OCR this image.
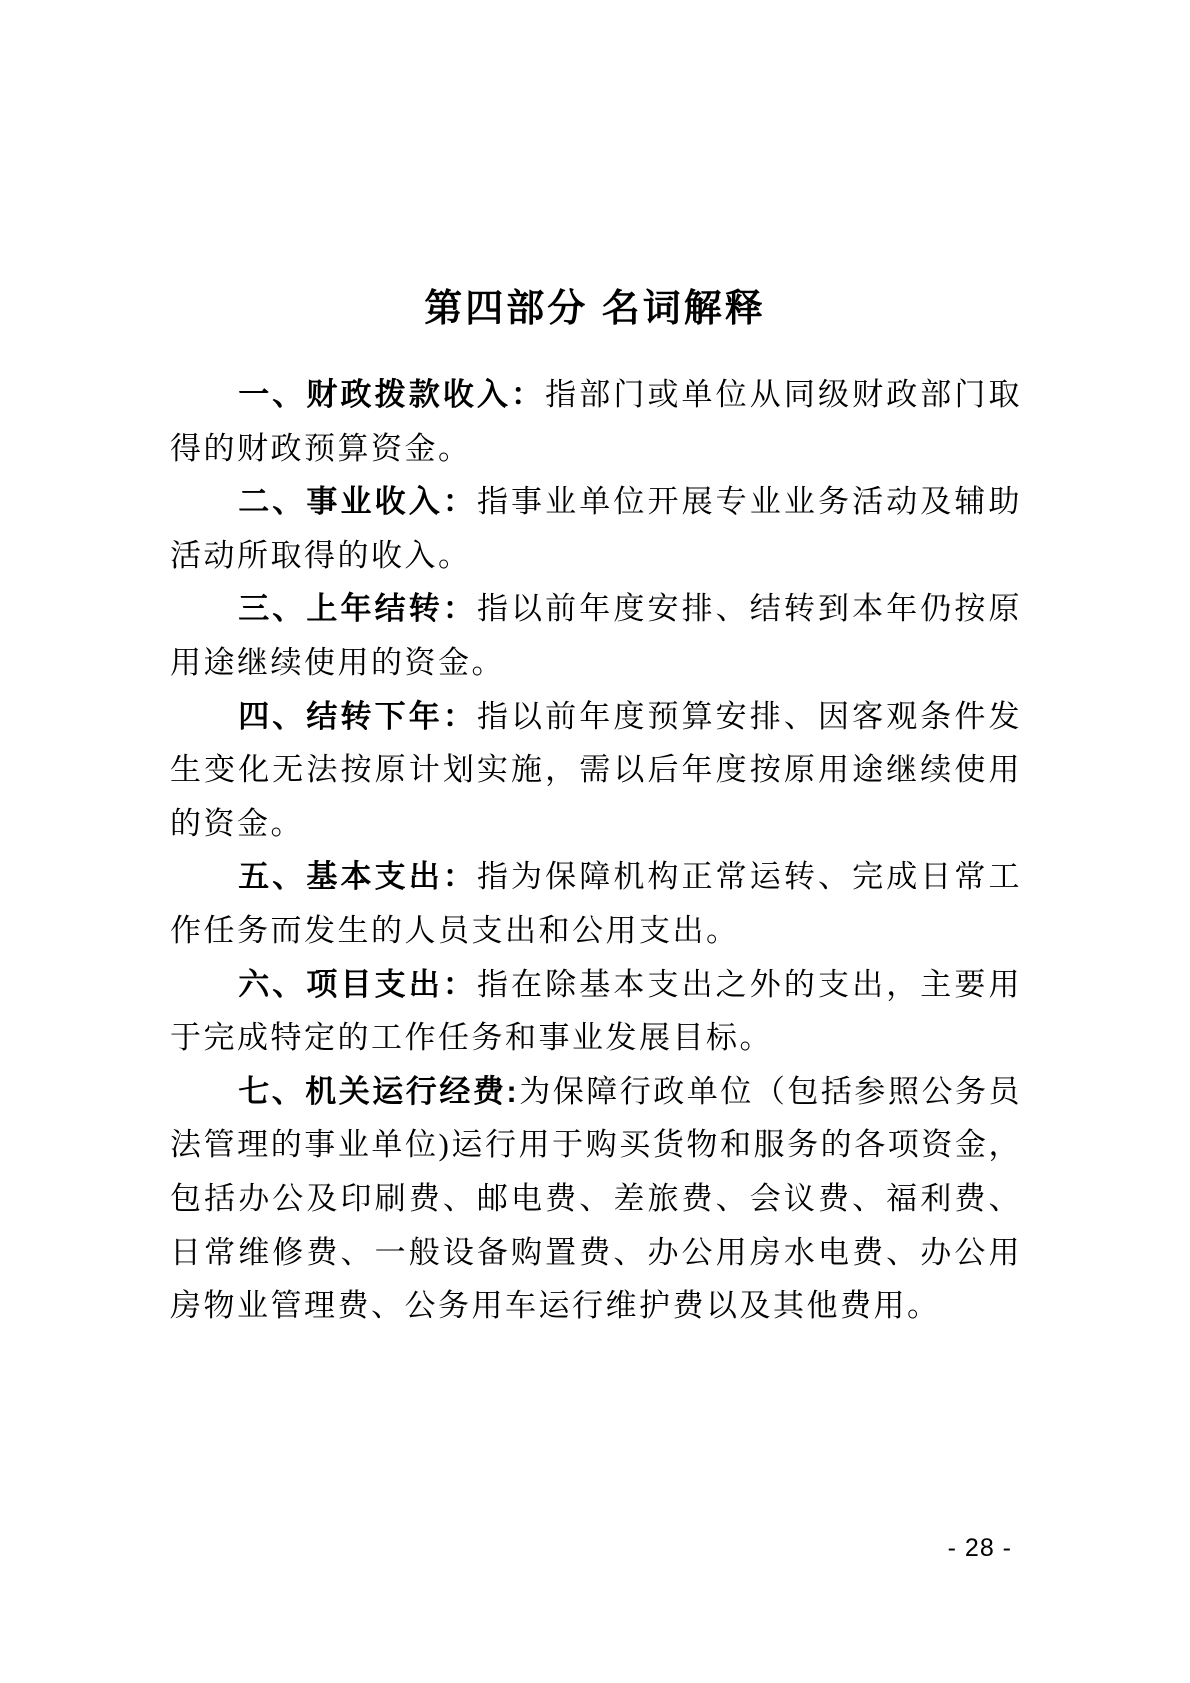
第四部分 名词解释

一、财政拨款收入：指部门或单位从同级财政部门取得的财政预算资金。

二、事业收入：指事业单位开展专业业务活动及辅助活动所取得的收入。

三、上年结转：指以前年度安排、结转到本年仍按原用途继续使用的资金。

四、结转下年：指以前年度预算安排、因客观条件发生变化无法按原计划实施，需以后年度按原用途继续使用的资金。

五、基本支出：指为保障机构正常运转、完成日常工作任务而发生的人员支出和公用支出。

六、项目支出：指在除基本支出之外的支出，主要用于完成特定的工作任务和事业发展目标。

七、机关运行经费:为保障行政单位（包括参照公务员法管理的事业单位)运行用于购买货物和服务的各项资金，包括办公及印刷费、邮电费、差旅费、会议费、福利费、日常维修费、一般设备购置费、办公用房水电费、办公用房物业管理费、公务用车运行维护费以及其他费用。

- 28 -
